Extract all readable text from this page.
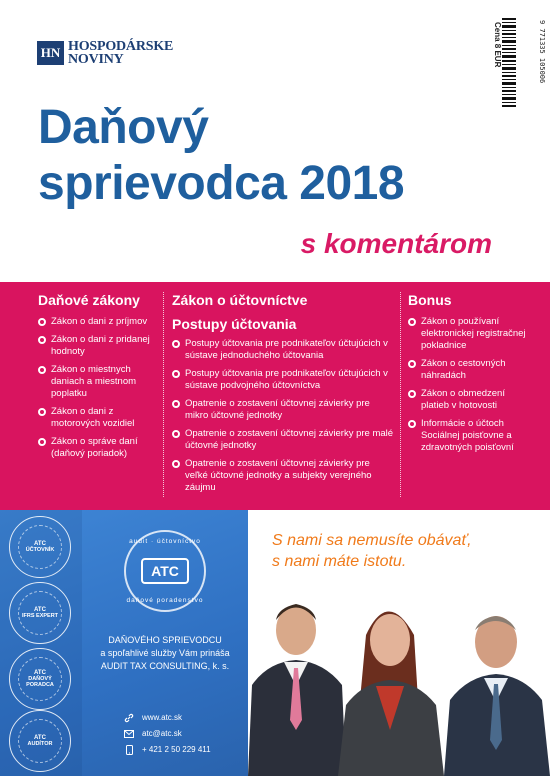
HN HOSPODÁRSKE
NOVINY	Cena 8 EUR	9 771335 105006
Daňový
sprievodca 2018
s komentárom
Daňové zákony
Zákon o dani z príjmov
Zákon o dani z pridanej hodnoty
Zákon o miestnych daniach a miestnom poplatku
Zákon o dani z motorových vozidiel
Zákon o správe daní (daňový poriadok)
Zákon o účtovníctve
Postupy účtovania
Postupy účtovania pre podnikateľov účtujúcich v sústave jednoduchého účtovania
Postupy účtovania pre podnikateľov účtujúcich v sústave podvojného účtovníctva
Opatrenie o zostavení účtovnej závierky pre mikro účtovné jednotky
Opatrenie o zostavení účtovnej závierky pre malé účtovné jednotky
Opatrenie o zostavení účtovnej závierky pre veľké účtovné jednotky a subjekty verejného záujmu
Bonus
Zákon o používaní elektronickej registračnej pokladnice
Zákon o cestovných náhradách
Zákon o obmedzení platieb v hotovosti
Informácie o účtoch Sociálnej poisťovne a zdravotných poisťovní
ATC
ÚČTOVNÍK
ATC
IFRS EXPERT
ATC
DAŇOVÝ PORADCA
ATC
AUDÍTOR
audit · účtovníctvo
ATC
daňové poradenstvo
DAŇOVÉHO SPRIEVODCU
a spoľahlivé služby Vám prináša
AUDIT TAX CONSULTING, k. s.
www.atc.sk
atc@atc.sk
+ 421 2 50 229 411
S nami sa nemusíte obávať,
s nami máte istotu.
